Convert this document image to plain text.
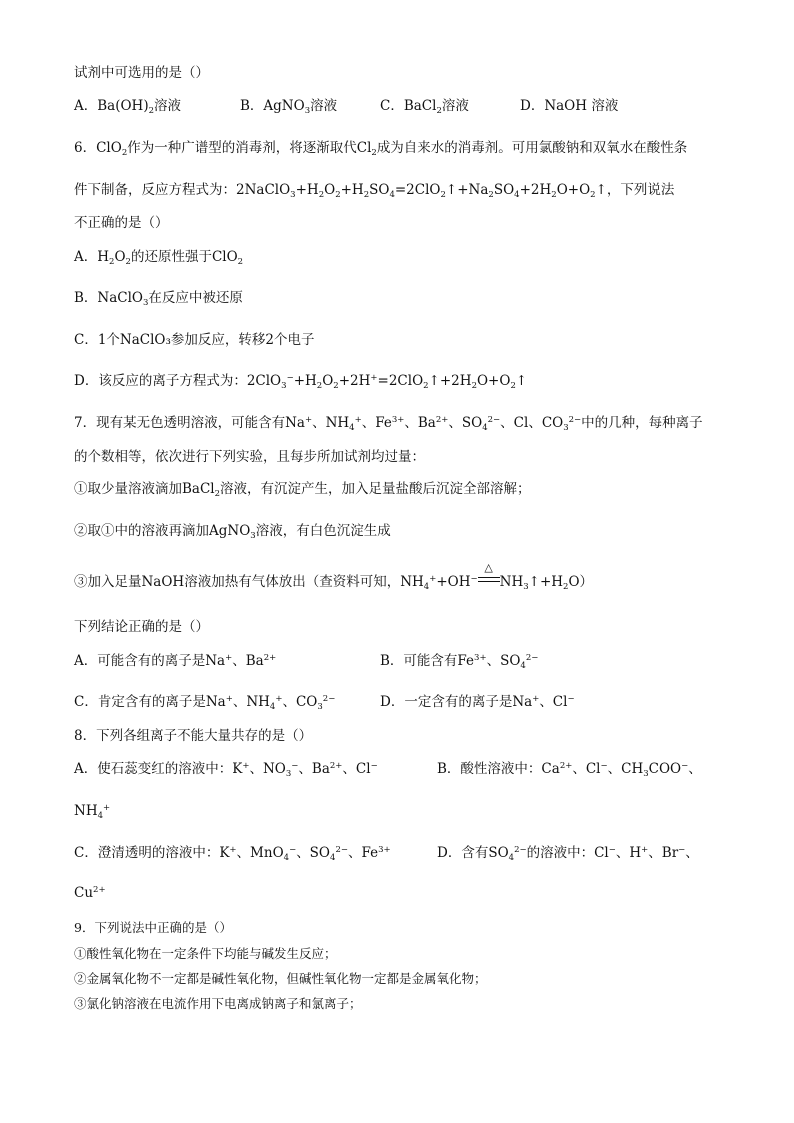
试剂中可选用的是（）
A．$Ba(OH)_2$溶液	B．AgNO$_3$溶液	C．BaCl$_2$溶液	D．NaOH 溶液
6．ClO$_2$作为一种广谱型的消毒剂，将逐渐取代$Cl_2$成为自来水的消毒剂。可用氯酸钠和双氧水在酸性条
件下制备，反应方程式为：$2NaClO_3+H_2O_2+H_2SO_4=2ClO_2↑+Na_2SO_4+2H_2O+O_2↑$，下列说法
不正确的是（）
A．$H_2O_2$的还原性强于ClO$_2$
B．NaClO$_3$在反应中被还原
C．1个NaClO₃参加反应，转移2个电子
D．该反应的离子方程式为：$2ClO_3^-+H_2O_2+2H^+=2ClO_2↑+2H_2O+O_2↑$
7．现有某无色透明溶液，可能含有Na+、$NH_4^+$、$Fe^{3+}$、$Ba^{2+}$、$SO_4^{2-}$、Cl、$CO_3^{2-}$中的几种，每种离子
的个数相等，依次进行下列实验，且每步所加试剂均过量：
①取少量溶液滴加BaCl$_2$溶液，有沉淀产生，加入足量盐酸后沉淀全部溶解；
②取①中的溶液再滴加AgNO$_3$溶液，有白色沉淀生成
③加入足量NaOH溶液加热有气体放出（查资料可知，$NH_4^++OH^-$
△
$NH_3↑+H_2O$）
下列结论正确的是（）
A．可能含有的离子是Na+、$Ba^{2+}$	B．可能含有$Fe^{3+}$、$SO_4^{2-}$
C．肯定含有的离子是Na+、$NH_4^+$、$CO_3^{2-}$	D．一定含有的离子是Na+、Cl−
8．下列各组离子不能大量共存的是（）
A．使石蕊变红的溶液中：K+、$NO_3^-$、$Ba^{2+}$、Cl−	B．酸性溶液中：$Ca^{2+}$、Cl−、$CH_3COO^-$、
$NH_4^+$
C．澄清透明的溶液中：K+、MnO$_4$−、$SO_4^{2-}$、$Fe^{3+}$	D．含有$SO_4^{2-}$的溶液中：Cl−、H+、Br−、
$Cu^{2+}$
9．下列说法中正确的是（）
①酸性氧化物在一定条件下均能与碱发生反应；
②金属氧化物不一定都是碱性氧化物，但碱性氧化物一定都是金属氧化物；
③氯化钠溶液在电流作用下电离成钠离子和氯离子；
